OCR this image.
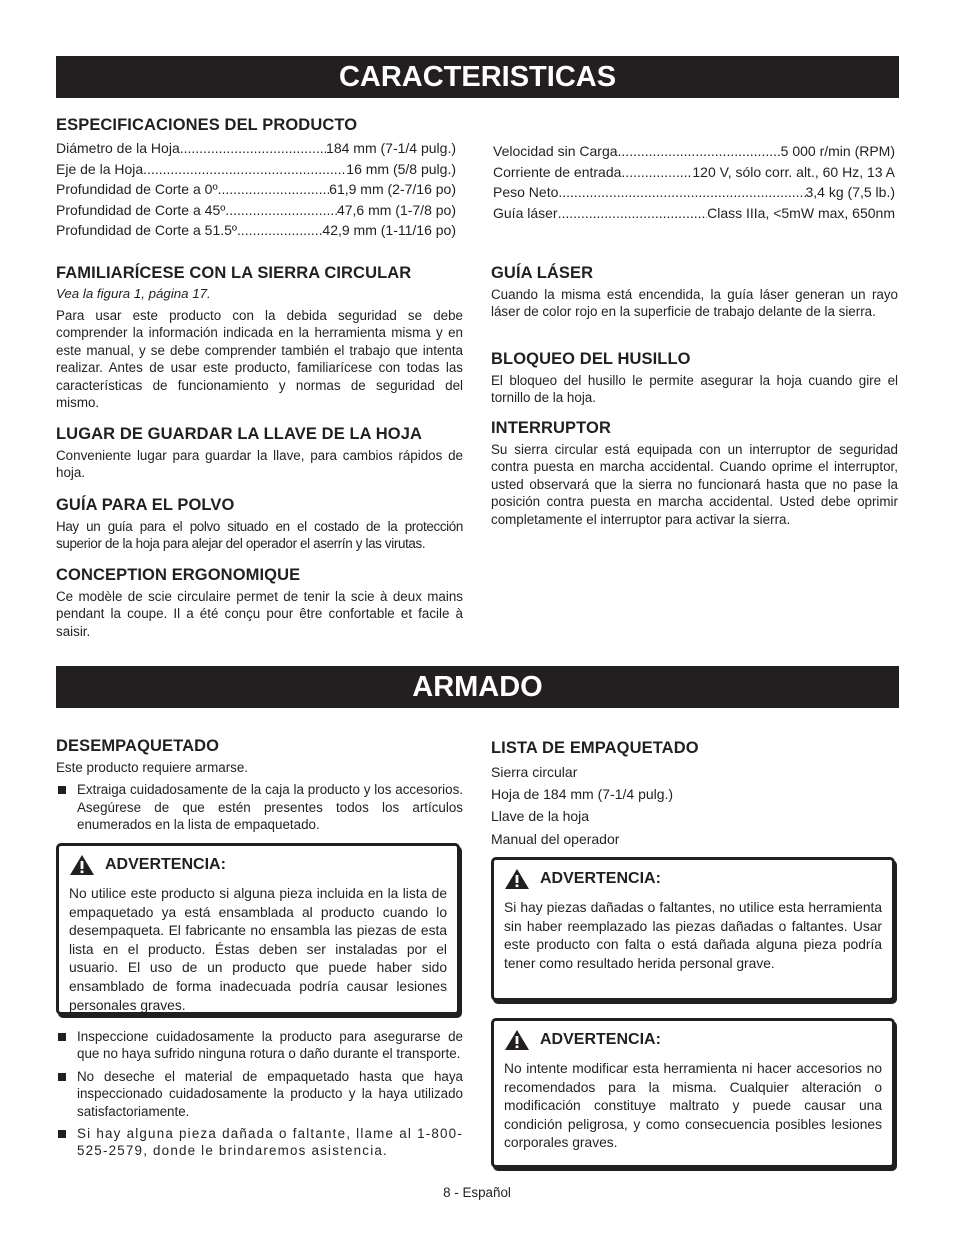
CARACTERISTICAS
ESPECIFICACIONES DEL PRODUCTO
Diámetro de la Hoja .....	184 mm (7-1/4 pulg.)
Eje de la Hoja .....	16 mm (5/8 pulg.)
Profundidad de Corte a 0º .....	61,9 mm (2-7/16 po)
Profundidad de Corte a 45º .....	47,6 mm (1-7/8 po)
Profundidad de Corte a 51.5º .....	42,9 mm (1-11/16 po)
Velocidad sin Carga .....	5 000 r/min (RPM)
Corriente de entrada .....	120 V, sólo corr. alt., 60 Hz, 13 A
Peso Neto .....	3,4 kg (7,5 lb.)
Guía láser .....	Class IIIa, <5mW max, 650nm
FAMILIARÍCESE CON LA SIERRA CIRCULAR
Vea la figura 1, página 17.

Para usar este producto con la debida seguridad se debe comprender la información indicada en la herramienta misma y en este manual, y se debe comprender también el trabajo que intenta realizar. Antes de usar este producto, familiarícese con todas las características de funcionamiento y normas de seguridad del mismo.

LUGAR DE GUARDAR LA LLAVE DE LA HOJA

Conveniente lugar para guardar la llave, para cambios rápidos de hoja.

GUÍA PARA EL POLVO

Hay un guía para el polvo situado en el costado de la protección superior de la hoja para alejar del operador el aserrín y las virutas.

CONCEPTION ERGONOMIQUE

Ce modèle de scie circulaire permet de tenir la scie à deux mains pendant la coupe. Il a été conçu pour être confortable et facile à saisir.

GUÍA LÁSER

Cuando la misma está encendida, la guía láser generan un rayo láser de color rojo en la superficie de trabajo delante de la sierra.

BLOQUEO DEL HUSILLO

El bloqueo del husillo le permite asegurar la hoja cuando gire el tornillo de la hoja.

INTERRUPTOR

Su sierra circular está equipada con un interruptor de seguridad contra puesta en marcha accidental. Cuando oprime el interruptor, usted observará que la sierra no funcionará hasta que no pase la posición contra puesta en marcha accidental. Usted debe oprimir completamente el interruptor para activar la sierra.

ARMADO
DESEMPAQUETADO

Este producto requiere armarse.

Extraiga cuidadosamente de la caja la producto y los accesorios. Asegúrese de que estén presentes todos los artículos enumerados en la lista de empaquetado.
ADVERTENCIA:
No utilice este producto si alguna pieza incluida en la lista de empaquetado ya está ensamblada al producto cuando lo desempaqueta. El fabricante no ensambla las piezas de esta lista en el producto. Éstas deben ser instaladas por el usuario. El uso de un producto que puede haber sido ensamblado de forma inadecuada podría causar lesiones personales graves.
Inspeccione cuidadosamente la producto para asegurarse de que no haya sufrido ninguna rotura o daño durante el transporte.
No deseche el material de empaquetado hasta que haya inspeccionado cuidadosamente la producto y la haya utilizado satisfactoriamente.
Si hay alguna pieza dañada o faltante, llame al 1-800-525-2579, donde le brindaremos asistencia.
LISTA DE EMPAQUETADO
Sierra circular
Hoja de 184 mm (7-1/4 pulg.)
Llave de la hoja
Manual del operador
ADVERTENCIA:
Si hay piezas dañadas o faltantes, no utilice esta herramienta sin haber reemplazado las piezas dañadas o faltantes. Usar este producto con falta o está dañada alguna pieza podría tener como resultado herida personal grave.
ADVERTENCIA:
No intente modificar esta herramienta ni hacer accesorios no recomendados para la misma. Cualquier alteración o modificación constituye maltrato y puede causar una condición peligrosa, y como consecuencia posibles lesiones corporales graves.
8 - Español
